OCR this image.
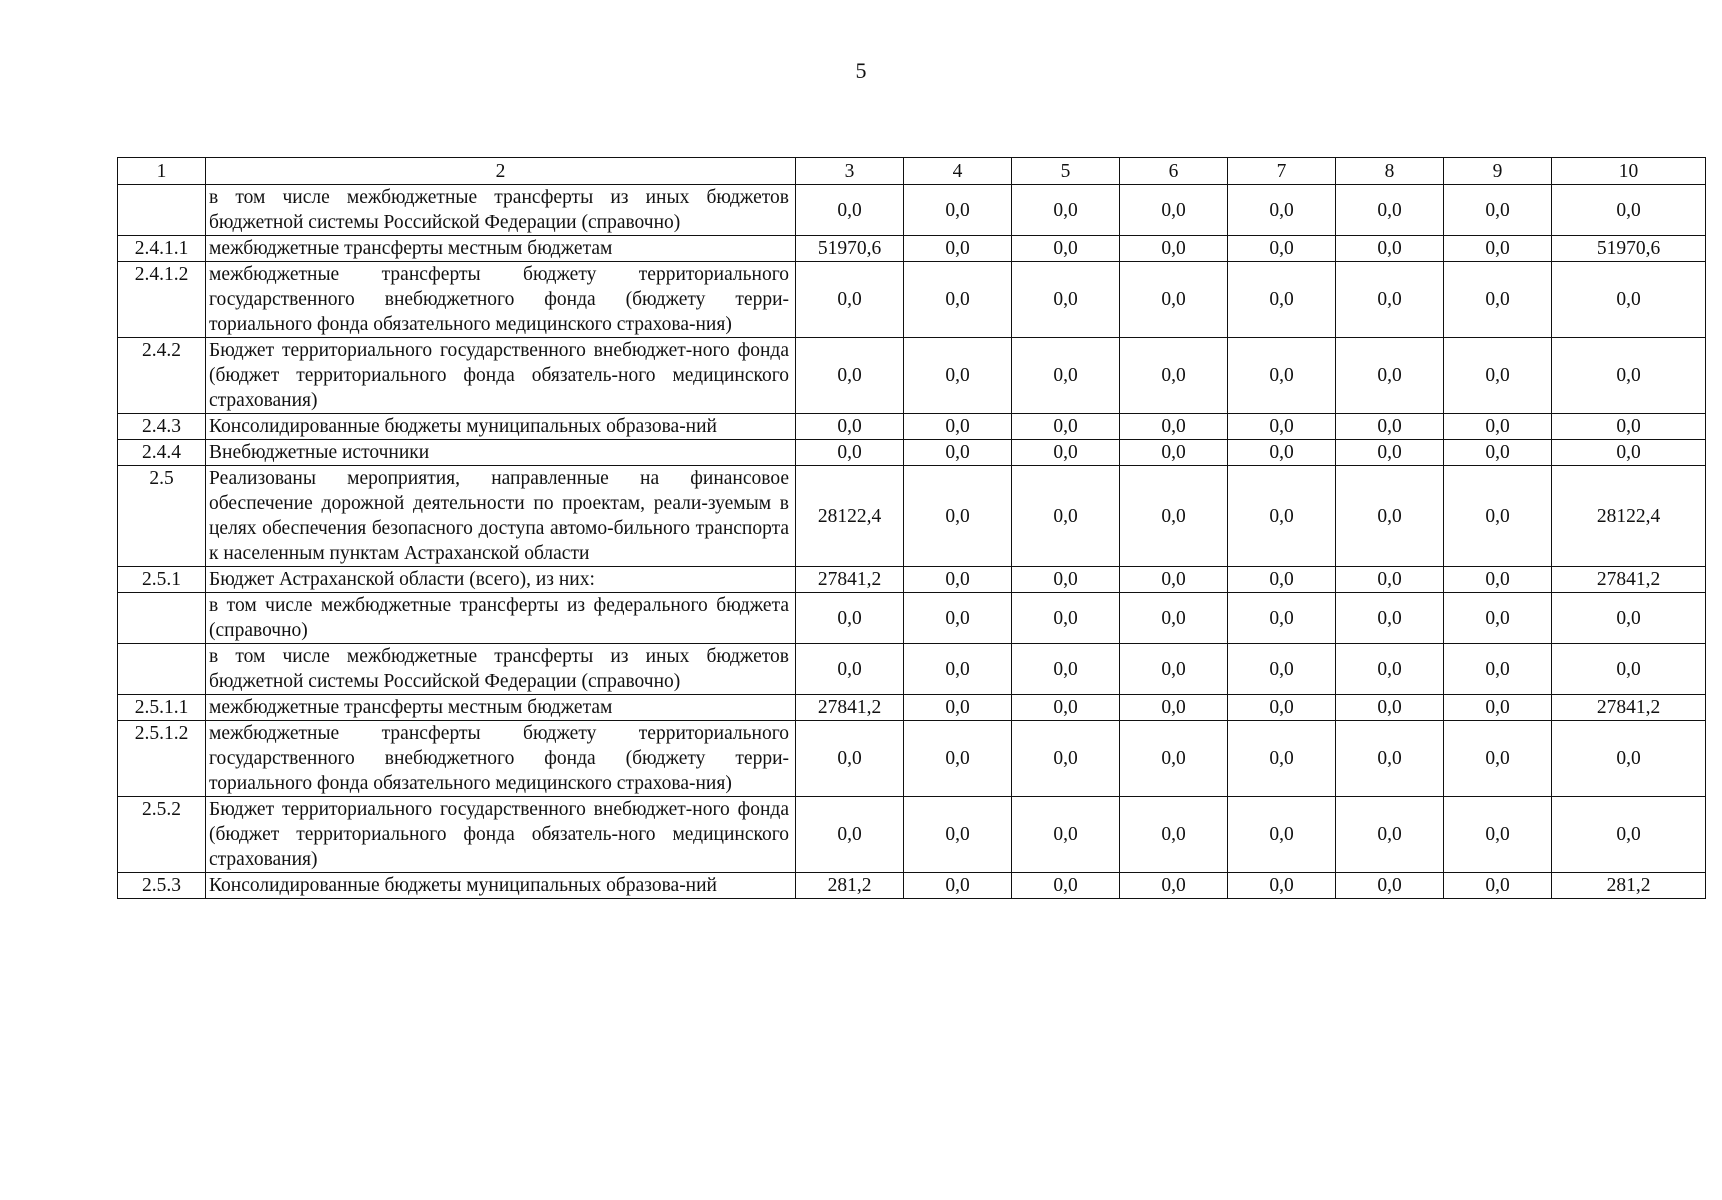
5
1	2	3	4	5	6	7	8	9	10
	в том числе межбюджетные трансферты из иных бюджетов бюджетной системы Российской Федерации (справочно)	0,0	0,0	0,0	0,0	0,0	0,0	0,0	0,0
2.4.1.1	межбюджетные трансферты местным бюджетам	51970,6	0,0	0,0	0,0	0,0	0,0	0,0	51970,6
2.4.1.2	межбюджетные трансферты бюджету территориального государственного внебюджетного фонда (бюджету терри-ториального фонда обязательного медицинского страхова-ния)	0,0	0,0	0,0	0,0	0,0	0,0	0,0	0,0
2.4.2	Бюджет территориального государственного внебюджет-ного фонда (бюджет территориального фонда обязатель-ного медицинского страхования)	0,0	0,0	0,0	0,0	0,0	0,0	0,0	0,0
2.4.3	Консолидированные бюджеты муниципальных образова-ний	0,0	0,0	0,0	0,0	0,0	0,0	0,0	0,0
2.4.4	Внебюджетные источники	0,0	0,0	0,0	0,0	0,0	0,0	0,0	0,0
2.5	Реализованы мероприятия, направленные на финансовое обеспечение дорожной деятельности по проектам, реали-зуемым в целях обеспечения безопасного доступа автомо-бильного транспорта к населенным пунктам Астраханской области	28122,4	0,0	0,0	0,0	0,0	0,0	0,0	28122,4
2.5.1	Бюджет Астраханской области (всего), из них:	27841,2	0,0	0,0	0,0	0,0	0,0	0,0	27841,2
	в том числе межбюджетные трансферты из федерального бюджета (справочно)	0,0	0,0	0,0	0,0	0,0	0,0	0,0	0,0
	в том числе межбюджетные трансферты из иных бюджетов бюджетной системы Российской Федерации (справочно)	0,0	0,0	0,0	0,0	0,0	0,0	0,0	0,0
2.5.1.1	межбюджетные трансферты местным бюджетам	27841,2	0,0	0,0	0,0	0,0	0,0	0,0	27841,2
2.5.1.2	межбюджетные трансферты бюджету территориального государственного внебюджетного фонда (бюджету терри-ториального фонда обязательного медицинского страхова-ния)	0,0	0,0	0,0	0,0	0,0	0,0	0,0	0,0
2.5.2	Бюджет территориального государственного внебюджет-ного фонда (бюджет территориального фонда обязатель-ного медицинского страхования)	0,0	0,0	0,0	0,0	0,0	0,0	0,0	0,0
2.5.3	Консолидированные бюджеты муниципальных образова-ний	281,2	0,0	0,0	0,0	0,0	0,0	0,0	281,2
